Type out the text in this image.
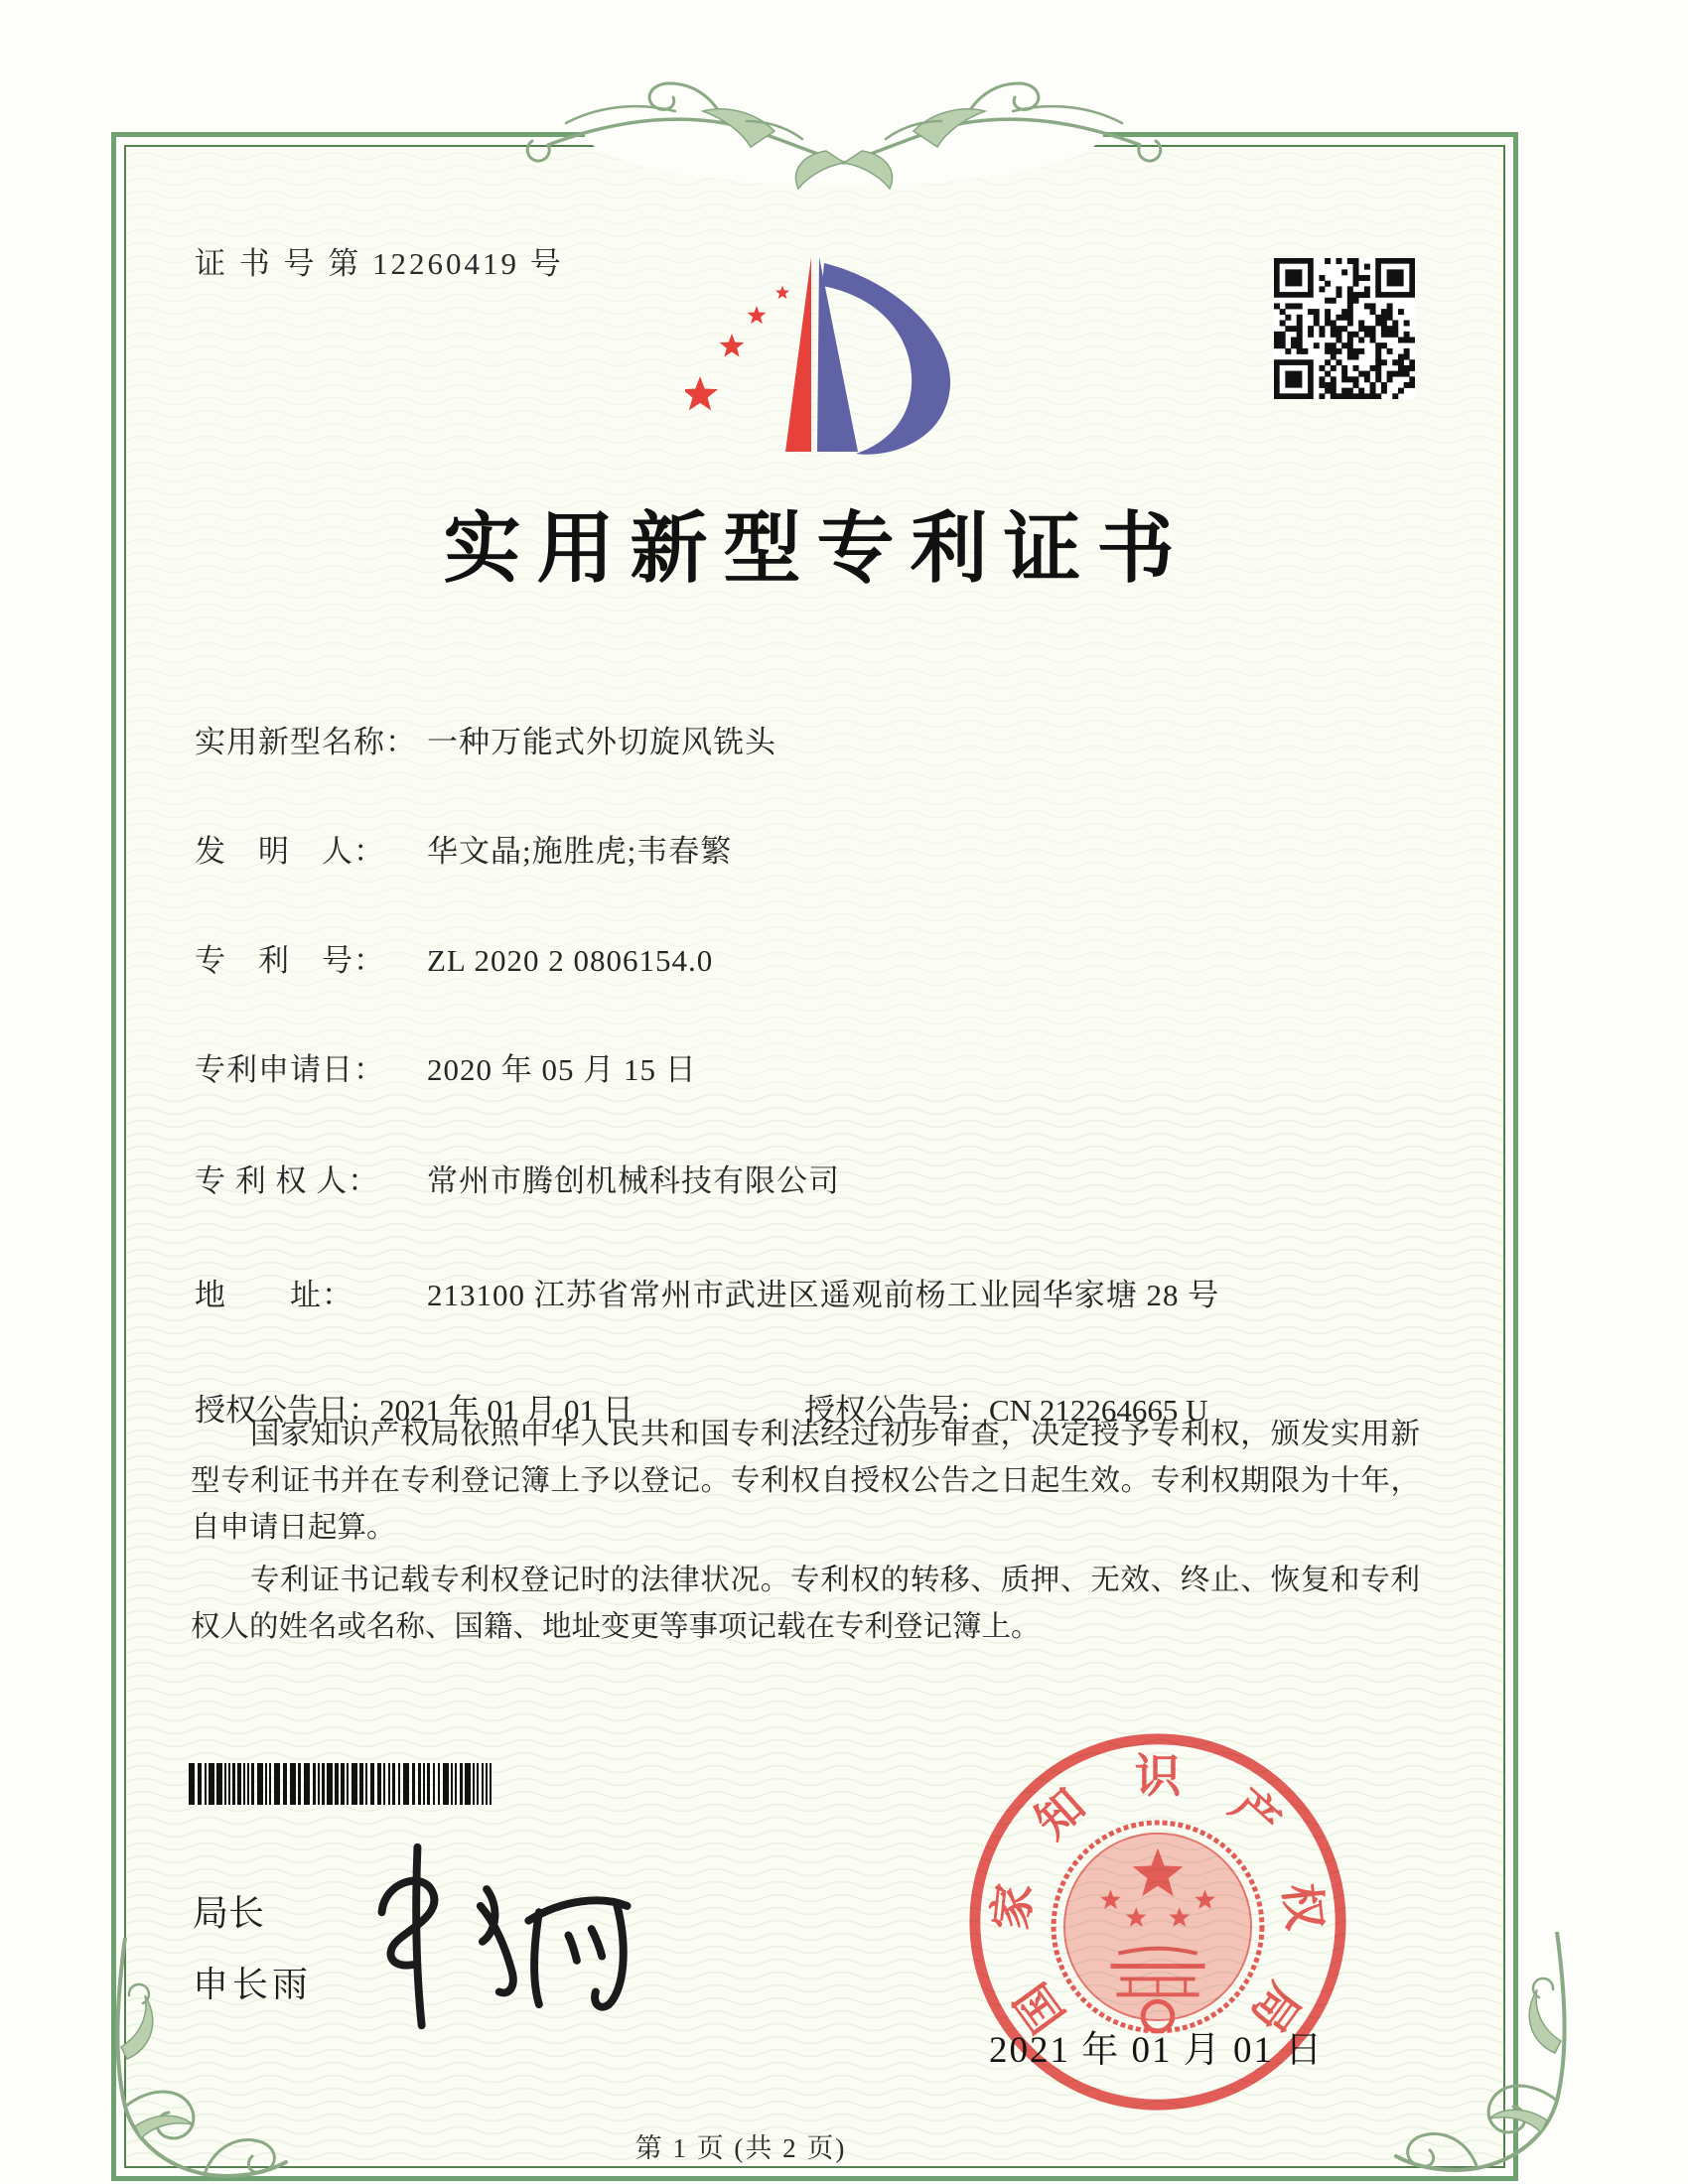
证 书 号 第 12260419 号
实用新型专利证书
实用新型名称： 一种万能式外切旋风铣头
发　明　人： 华文晶;施胜虎;韦春繁
专　利　号： ZL 2020 2 0806154.0
专利申请日： 2020 年 05 月 15 日
专 利 权 人： 常州市腾创机械科技有限公司
地　　址： 213100 江苏省常州市武进区遥观前杨工业园华家塘 28 号
授权公告日：2021 年 01 月 01 日	授权公告号：CN 212264665 U

国家知识产权局依照中华人民共和国专利法经过初步审查，决定授予专利权，颁发实用新型专利证书并在专利登记簿上予以登记。专利权自授权公告之日起生效。专利权期限为十年，自申请日起算。

专利证书记载专利权登记时的法律状况。专利权的转移、质押、无效、终止、恢复和专利权人的姓名或名称、国籍、地址变更等事项记载在专利登记簿上。

局长
申长雨	国
家
知
识
产
权
局
2021 年 01 月 01 日
第 1 页 (共 2 页)
